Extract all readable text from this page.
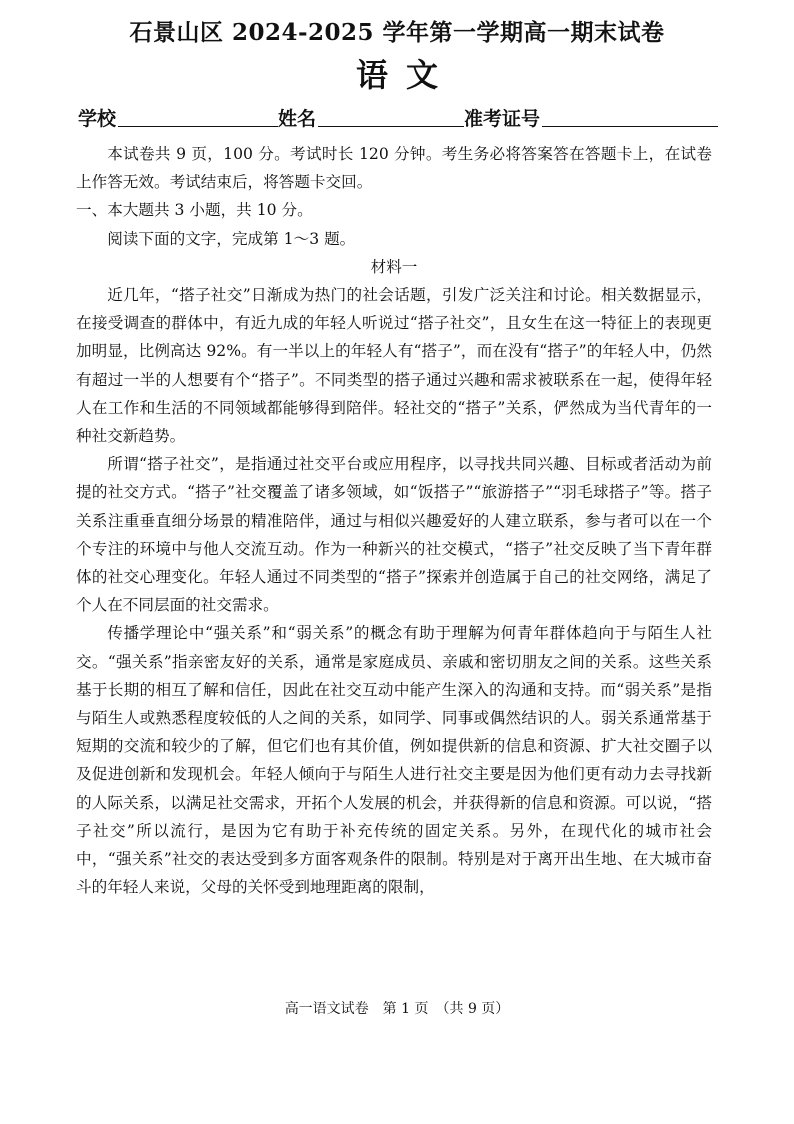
石景山区 2024-2025 学年第一学期高一期末试卷
语文
学校	姓名	准考证号

本试卷共 9 页，100 分。考试时长 120 分钟。考生务必将答案答在答题卡上，在试卷上作答无效。考试结束后，将答题卡交回。

一、本大题共 3 小题，共 10 分。

阅读下面的文字，完成第 1～3 题。

材料一

近几年，“搭子社交”日渐成为热门的社会话题，引发广泛关注和讨论。相关数据显示，在接受调查的群体中，有近九成的年轻人听说过“搭子社交”，且女生在这一特征上的表现更加明显，比例高达 92%。有一半以上的年轻人有“搭子”，而在没有“搭子”的年轻人中，仍然有超过一半的人想要有个“搭子”。不同类型的搭子通过兴趣和需求被联系在一起，使得年轻人在工作和生活的不同领域都能够得到陪伴。轻社交的“搭子”关系，俨然成为当代青年的一种社交新趋势。

所谓“搭子社交”，是指通过社交平台或应用程序，以寻找共同兴趣、目标或者活动为前提的社交方式。“搭子”社交覆盖了诸多领域，如“饭搭子”“旅游搭子”“羽毛球搭子”等。搭子关系注重垂直细分场景的精准陪伴，通过与相似兴趣爱好的人建立联系，参与者可以在一个个专注的环境中与他人交流互动。作为一种新兴的社交模式，“搭子”社交反映了当下青年群体的社交心理变化。年轻人通过不同类型的“搭子”探索并创造属于自己的社交网络，满足了个人在不同层面的社交需求。

传播学理论中“强关系”和“弱关系”的概念有助于理解为何青年群体趋向于与陌生人社交。“强关系”指亲密友好的关系，通常是家庭成员、亲戚和密切朋友之间的关系。这些关系基于长期的相互了解和信任，因此在社交互动中能产生深入的沟通和支持。而“弱关系”是指与陌生人或熟悉程度较低的人之间的关系，如同学、同事或偶然结识的人。弱关系通常基于短期的交流和较少的了解，但它们也有其价值，例如提供新的信息和资源、扩大社交圈子以及促进创新和发现机会。年轻人倾向于与陌生人进行社交主要是因为他们更有动力去寻找新的人际关系，以满足社交需求，开拓个人发展的机会，并获得新的信息和资源。可以说，“搭子社交”所以流行，是因为它有助于补充传统的固定关系。另外，在现代化的城市社会中，“强关系”社交的表达受到多方面客观条件的限制。特别是对于离开出生地、在大城市奋斗的年轻人来说，父母的关怀受到地理距离的限制，

高一语文试卷　第 1 页　（共 9 页）
